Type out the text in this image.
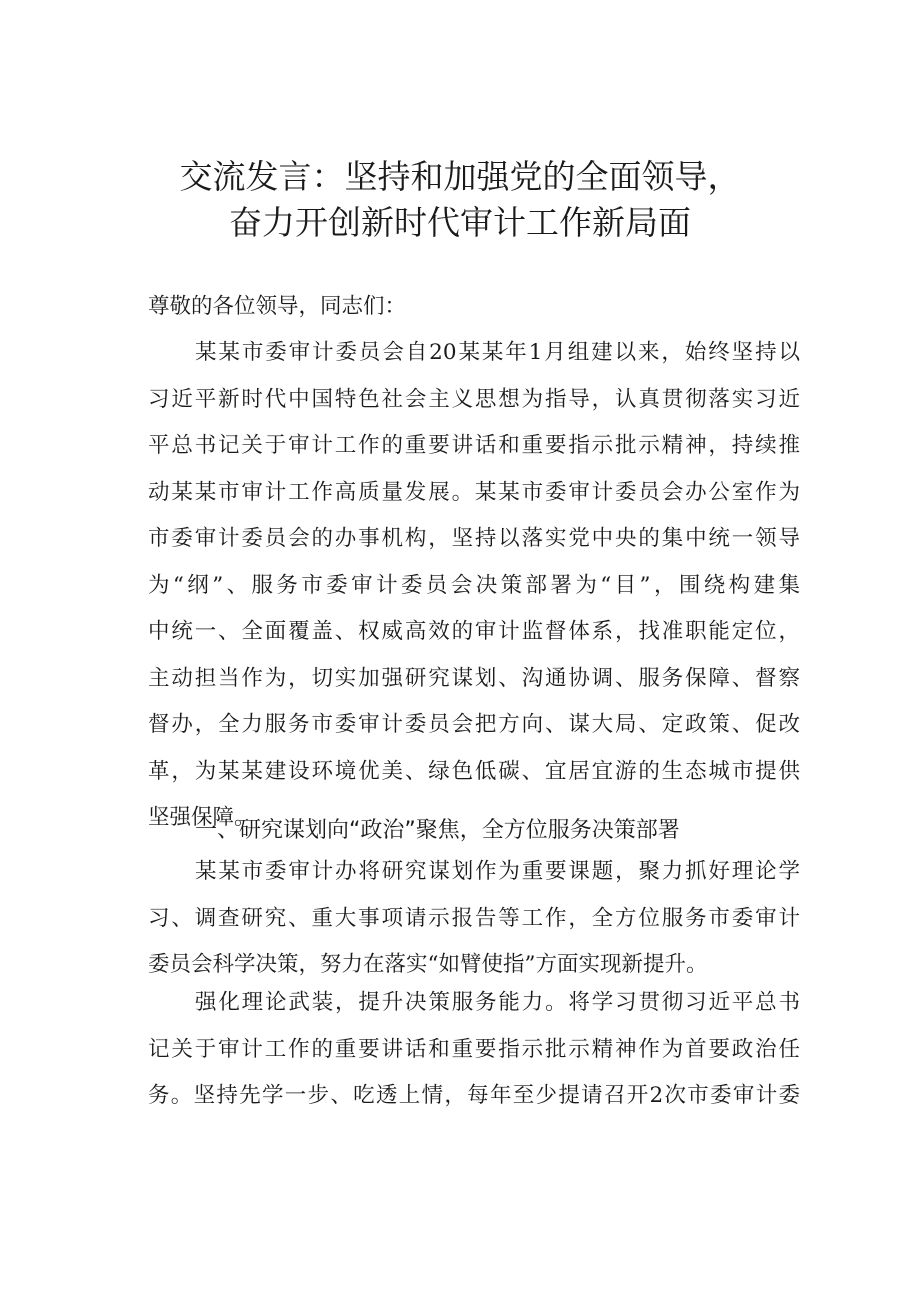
交流发言：坚持和加强党的全面领导，
奋力开创新时代审计工作新局面
尊敬的各位领导，同志们：
某某市委审计委员会自20某某年1月组建以来，始终坚持以
习近平新时代中国特色社会主义思想为指导，认真贯彻落实习近
平总书记关于审计工作的重要讲话和重要指示批示精神，持续推
动某某市审计工作高质量发展。某某市委审计委员会办公室作为
市委审计委员会的办事机构，坚持以落实党中央的集中统一领导
为“纲”、服务市委审计委员会决策部署为“目”，围绕构建集
中统一、全面覆盖、权威高效的审计监督体系，找准职能定位，
主动担当作为，切实加强研究谋划、沟通协调、服务保障、督察
督办，全力服务市委审计委员会把方向、谋大局、定政策、促改
革，为某某建设环境优美、绿色低碳、宜居宜游的生态城市提供
坚强保障。
一、研究谋划向“政治”聚焦，全方位服务决策部署
某某市委审计办将研究谋划作为重要课题，聚力抓好理论学
习、调查研究、重大事项请示报告等工作，全方位服务市委审计
委员会科学决策，努力在落实“如臂使指”方面实现新提升。
强化理论武装，提升决策服务能力。将学习贯彻习近平总书
记关于审计工作的重要讲话和重要指示批示精神作为首要政治任
务。坚持先学一步、吃透上情，每年至少提请召开2次市委审计委
